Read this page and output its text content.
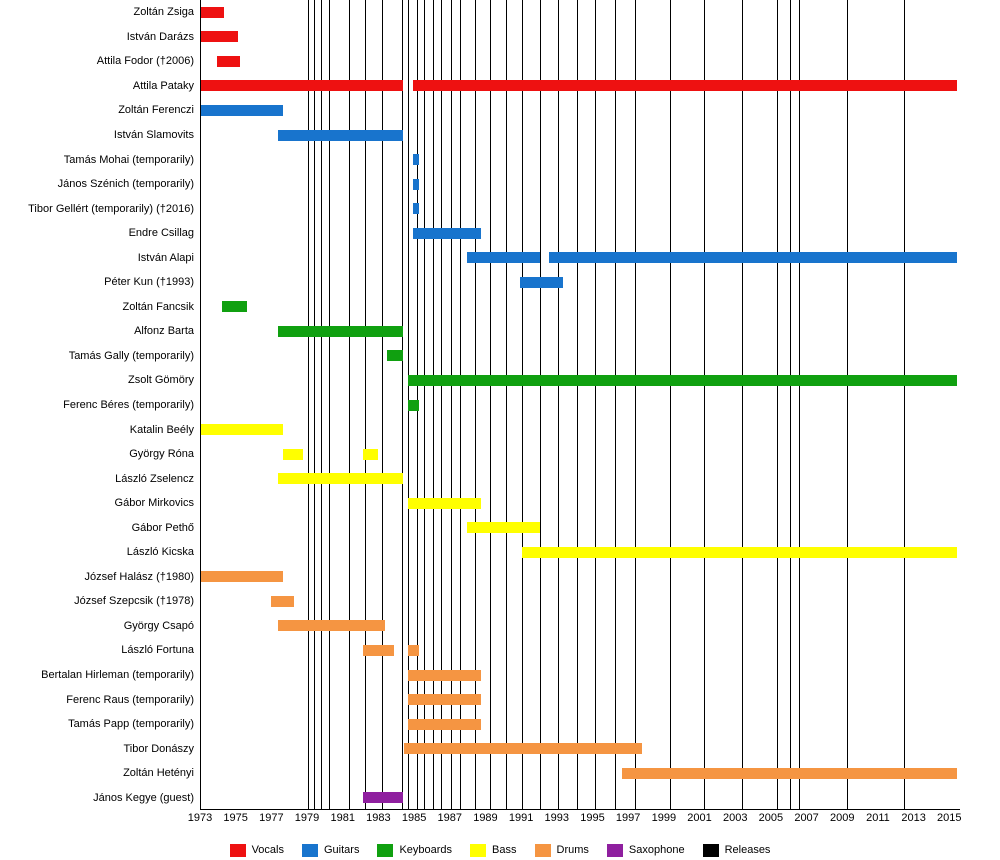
Zoltán Zsiga
István Darázs
Attila Fodor (†2006)
Attila Pataky
Zoltán Ferenczi
István Slamovits
Tamás Mohai (temporarily)
János Szénich (temporarily)
Tibor Gellért (temporarily) (†2016)
Endre Csillag
István Alapi
Péter Kun (†1993)
Zoltán Fancsik
Alfonz Barta
Tamás Gally (temporarily)
Zsolt Gömöry
Ferenc Béres (temporarily)
Katalin Beély
György Róna
László Zselencz
Gábor Mirkovics
Gábor Pethő
László Kicska
József Halász (†1980)
József Szepcsik (†1978)
György Csapó
László Fortuna
Bertalan Hirleman (temporarily)
Ferenc Raus (temporarily)
Tamás Papp (temporarily)
Tibor Donászy
Zoltán Hetényi
János Kegye (guest)
1973 1975 1977 1979 1981 1983 1985 1987 1989 1991 1993 1995 1997 1999 2001 2003 2005 2007 2009 2011 2013 2015
Vocals	Guitars	Keyboards	Bass	Drums	Saxophone	Releases
